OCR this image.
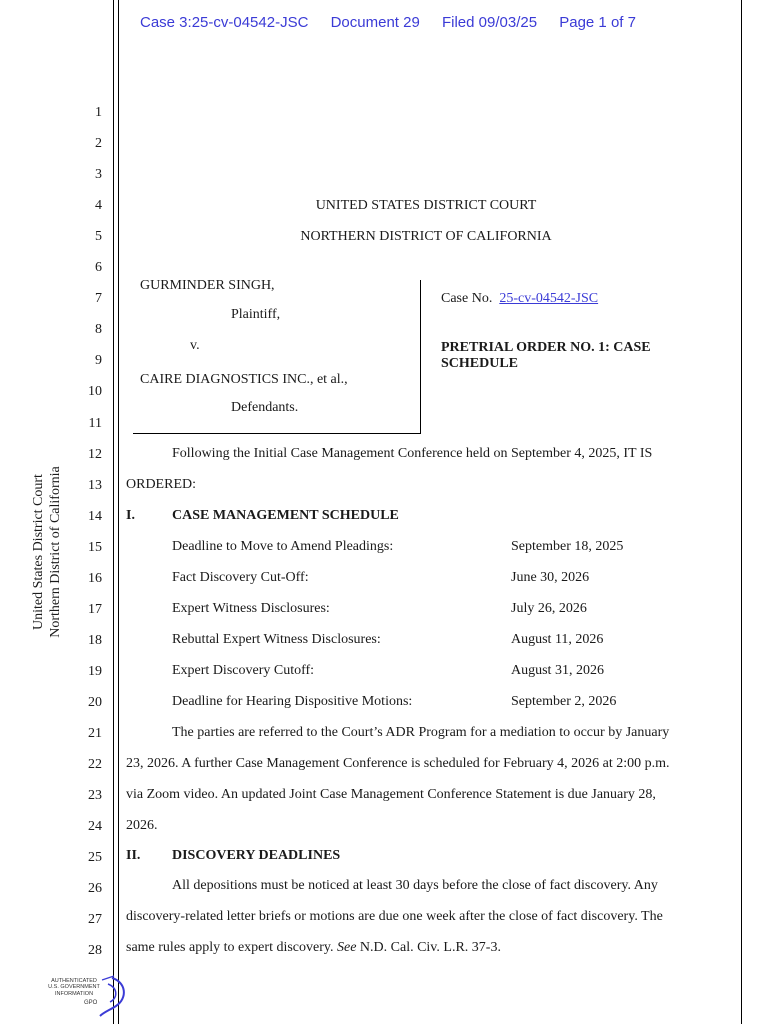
Case 3:25-cv-04542-JSC Document 29 Filed 09/03/25 Page 1 of 7
1
2
3
4
5
6
7
8
9
10
11
12
13
14
15
16
17
18
19
20
21
22
23
24
25
26
27
28
United States District Court Northern District of California
UNITED STATES DISTRICT COURT
NORTHERN DISTRICT OF CALIFORNIA
GURMINDER SINGH,
Plaintiff,
v.
CAIRE DIAGNOSTICS INC., et al.,
Defendants.
Case No. 25-cv-04542-JSC
PRETRIAL ORDER NO. 1: CASE
SCHEDULE
Following the Initial Case Management Conference held on September 4, 2025, IT IS
ORDERED:
I.	CASE MANAGEMENT SCHEDULE
Deadline to Move to Amend Pleadings:	September 18, 2025
Fact Discovery Cut-Off:	June 30, 2026
Expert Witness Disclosures:	July 26, 2026
Rebuttal Expert Witness Disclosures:	August 11, 2026
Expert Discovery Cutoff:	August 31, 2026
Deadline for Hearing Dispositive Motions:	September 2, 2026
The parties are referred to the Court’s ADR Program for a mediation to occur by January
23, 2026. A further Case Management Conference is scheduled for February 4, 2026 at 2:00 p.m.
via Zoom video. An updated Joint Case Management Conference Statement is due January 28,
2026.
II. DISCOVERY DEADLINES
All depositions must be noticed at least 30 days before the close of fact discovery. Any
discovery-related letter briefs or motions are due one week after the close of fact discovery. The
same rules apply to expert discovery. See N.D. Cal. Civ. L.R. 37-3.
AUTHENTICATED
U.S. GOVERNMENT
INFORMATION
GPO
